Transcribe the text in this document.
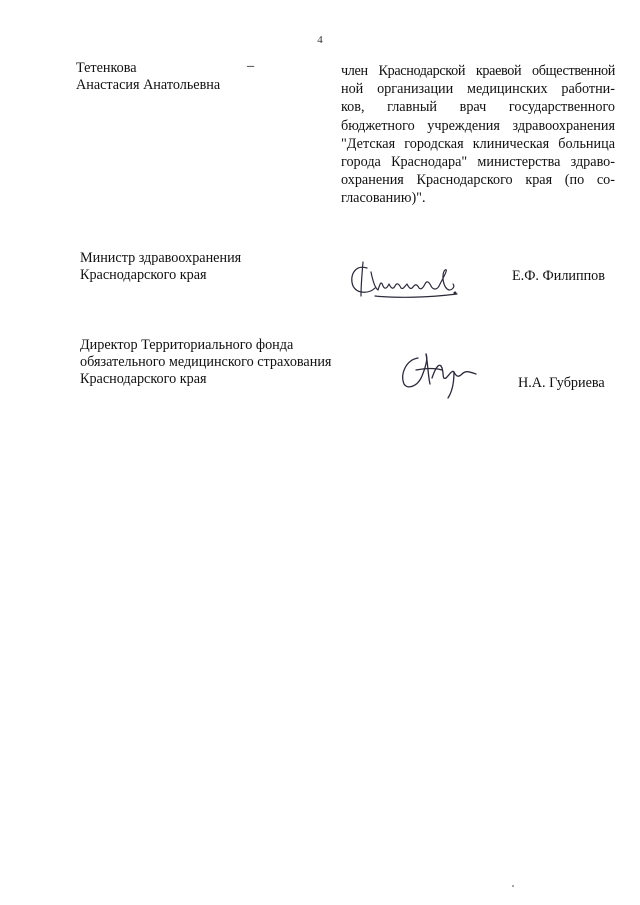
4
Тетенкова
Анастасия Анатольевна
–	член Краснодарской краевой общественной
ной организации медицинских работни-
ков, главный врач государственного
бюджетного учреждения здравоохранения
"Детская городская клиническая больница
города Краснодара" министерства здраво-
охранения Краснодарского края (по со-
гласованию)".
Министр здравоохранения
Краснодарского края	Е.Ф. Филиппов
Директор Территориального фонда
обязательного медицинского страхования
Краснодарского края	Н.А. Губриева
